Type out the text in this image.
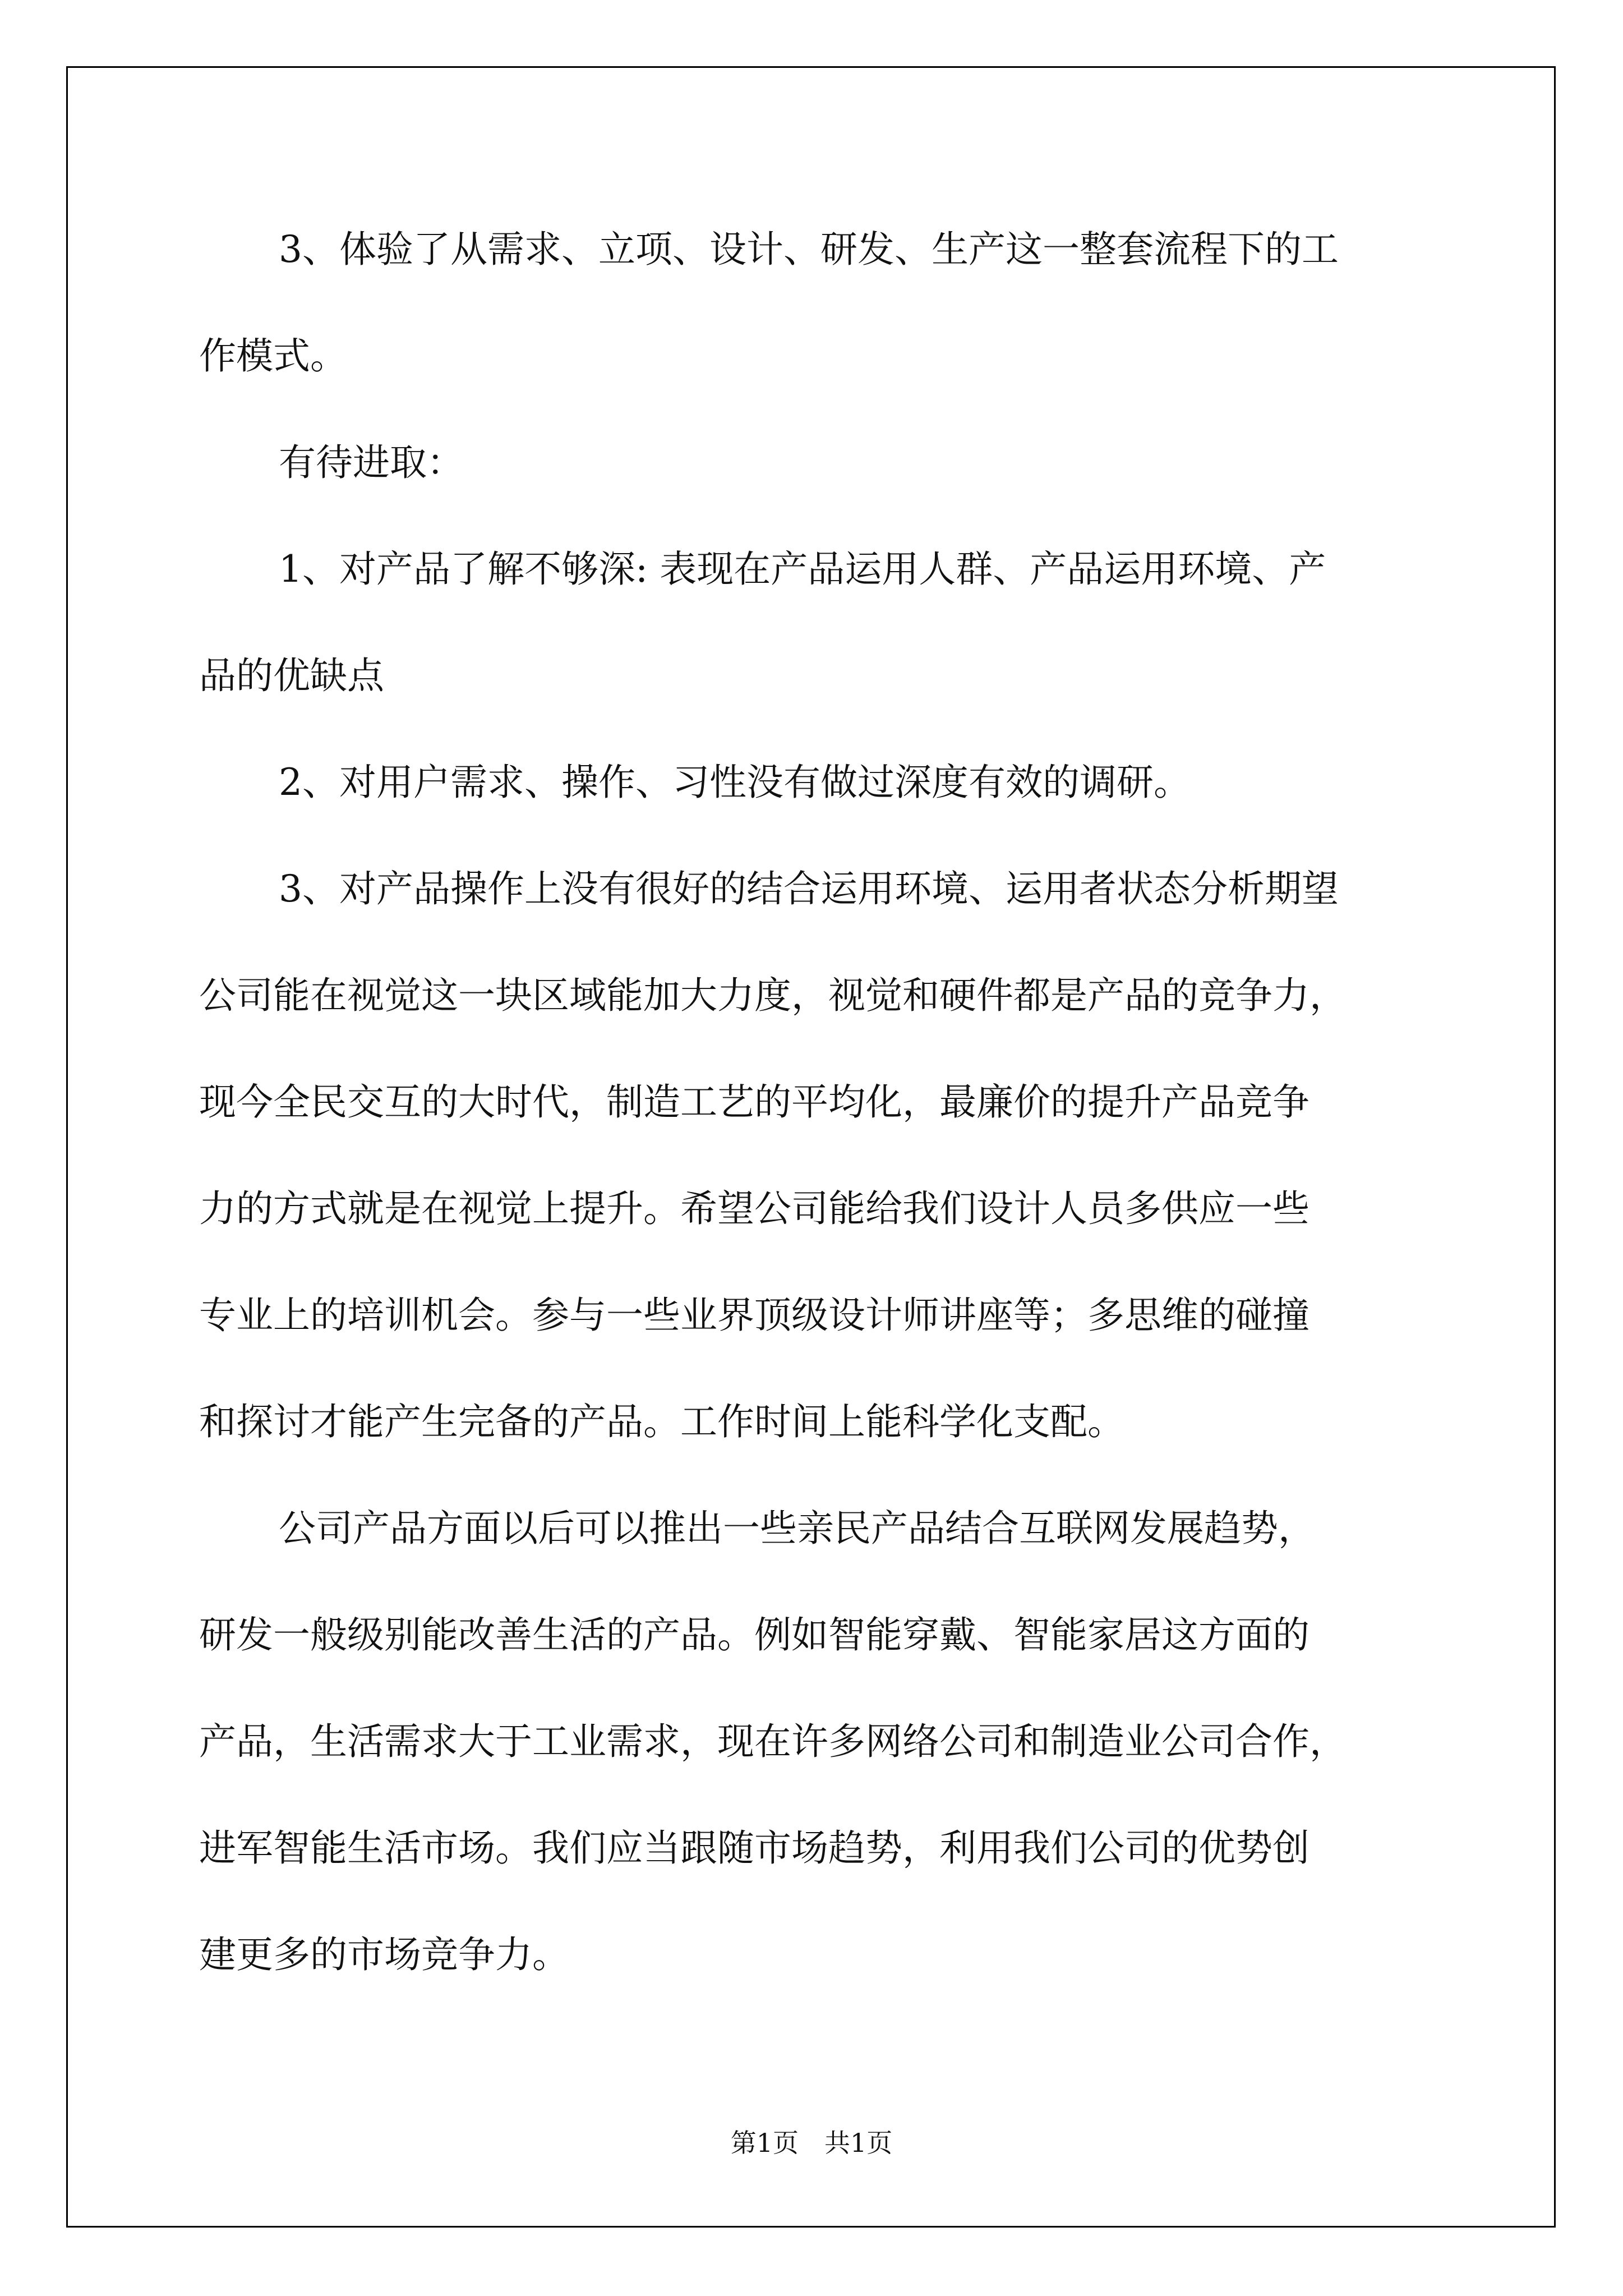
3、体验了从需求、立项、设计、研发、生产这一整套流程下的工

作模式。

有待进取：

1、对产品了解不够深: 表现在产品运用人群、产品运用环境、产

品的优缺点

2、对用户需求、操作、习性没有做过深度有效的调研。

3、对产品操作上没有很好的结合运用环境、运用者状态分析期望

公司能在视觉这一块区域能加大力度，视觉和硬件都是产品的竞争力，

现今全民交互的大时代，制造工艺的平均化，最廉价的提升产品竞争

力的方式就是在视觉上提升。希望公司能给我们设计人员多供应一些

专业上的培训机会。参与一些业界顶级设计师讲座等；多思维的碰撞

和探讨才能产生完备的产品。工作时间上能科学化支配。

公司产品方面以后可以推出一些亲民产品结合互联网发展趋势，

研发一般级别能改善生活的产品。例如智能穿戴、智能家居这方面的

产品，生活需求大于工业需求，现在许多网络公司和制造业公司合作，

进军智能生活市场。我们应当跟随市场趋势，利用我们公司的优势创

建更多的市场竞争力。

第1页　共1页
